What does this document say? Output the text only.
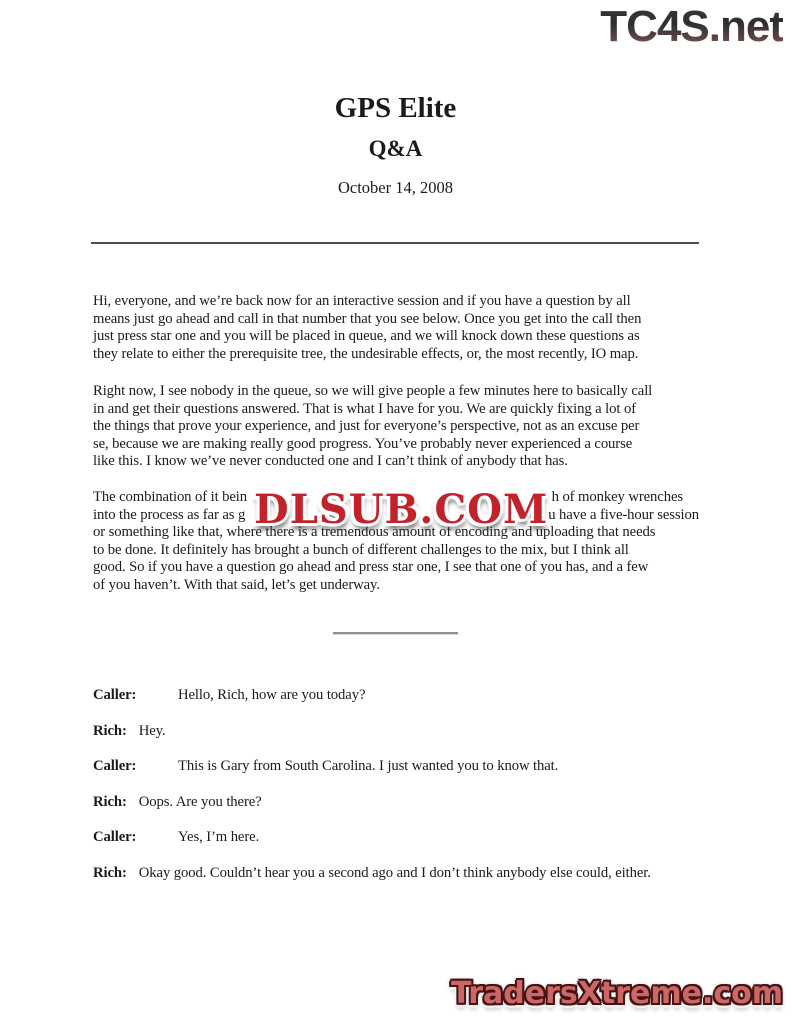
TC4S.net
GPS Elite
Q&A
October 14, 2008
Hi, everyone, and we’re back now for an interactive session and if you have a question by all
means just go ahead and call in that number that you see below. Once you get into the call then
just press star one and you will be placed in queue, and we will knock down these questions as
they relate to either the prerequisite tree, the undesirable effects, or, the most recently, IO map.
Right now, I see nobody in the queue, so we will give people a few minutes here to basically call
in and get their questions answered. That is what I have for you. We are quickly fixing a lot of
the things that prove your experience, and just for everyone’s perspective, not as an excuse per
se, because we are making really good progress. You’ve probably never experienced a course
like this. I know we’ve never conducted one and I can’t think of anybody that has.
The combination of it bein	h of monkey wrenches
into the process as far as g	u have a five-hour session
or something like that, where there is a tremendous amount of encoding and uploading that needs
to be done. It definitely has brought a bunch of different challenges to the mix, but I think all
good. So if you have a question go ahead and press star one, I see that one of you has, and a few
of you haven’t. With that said, let’s get underway.
DLSUB.COM
Caller:	Hello, Rich, how are you today?
Rich: Hey.
Caller:	This is Gary from South Carolina. I just wanted you to know that.
Rich: Oops. Are you there?
Caller:	Yes, I’m here.
Rich: Okay good. Couldn’t hear you a second ago and I don’t think anybody else could, either.
TradersXtreme.com
